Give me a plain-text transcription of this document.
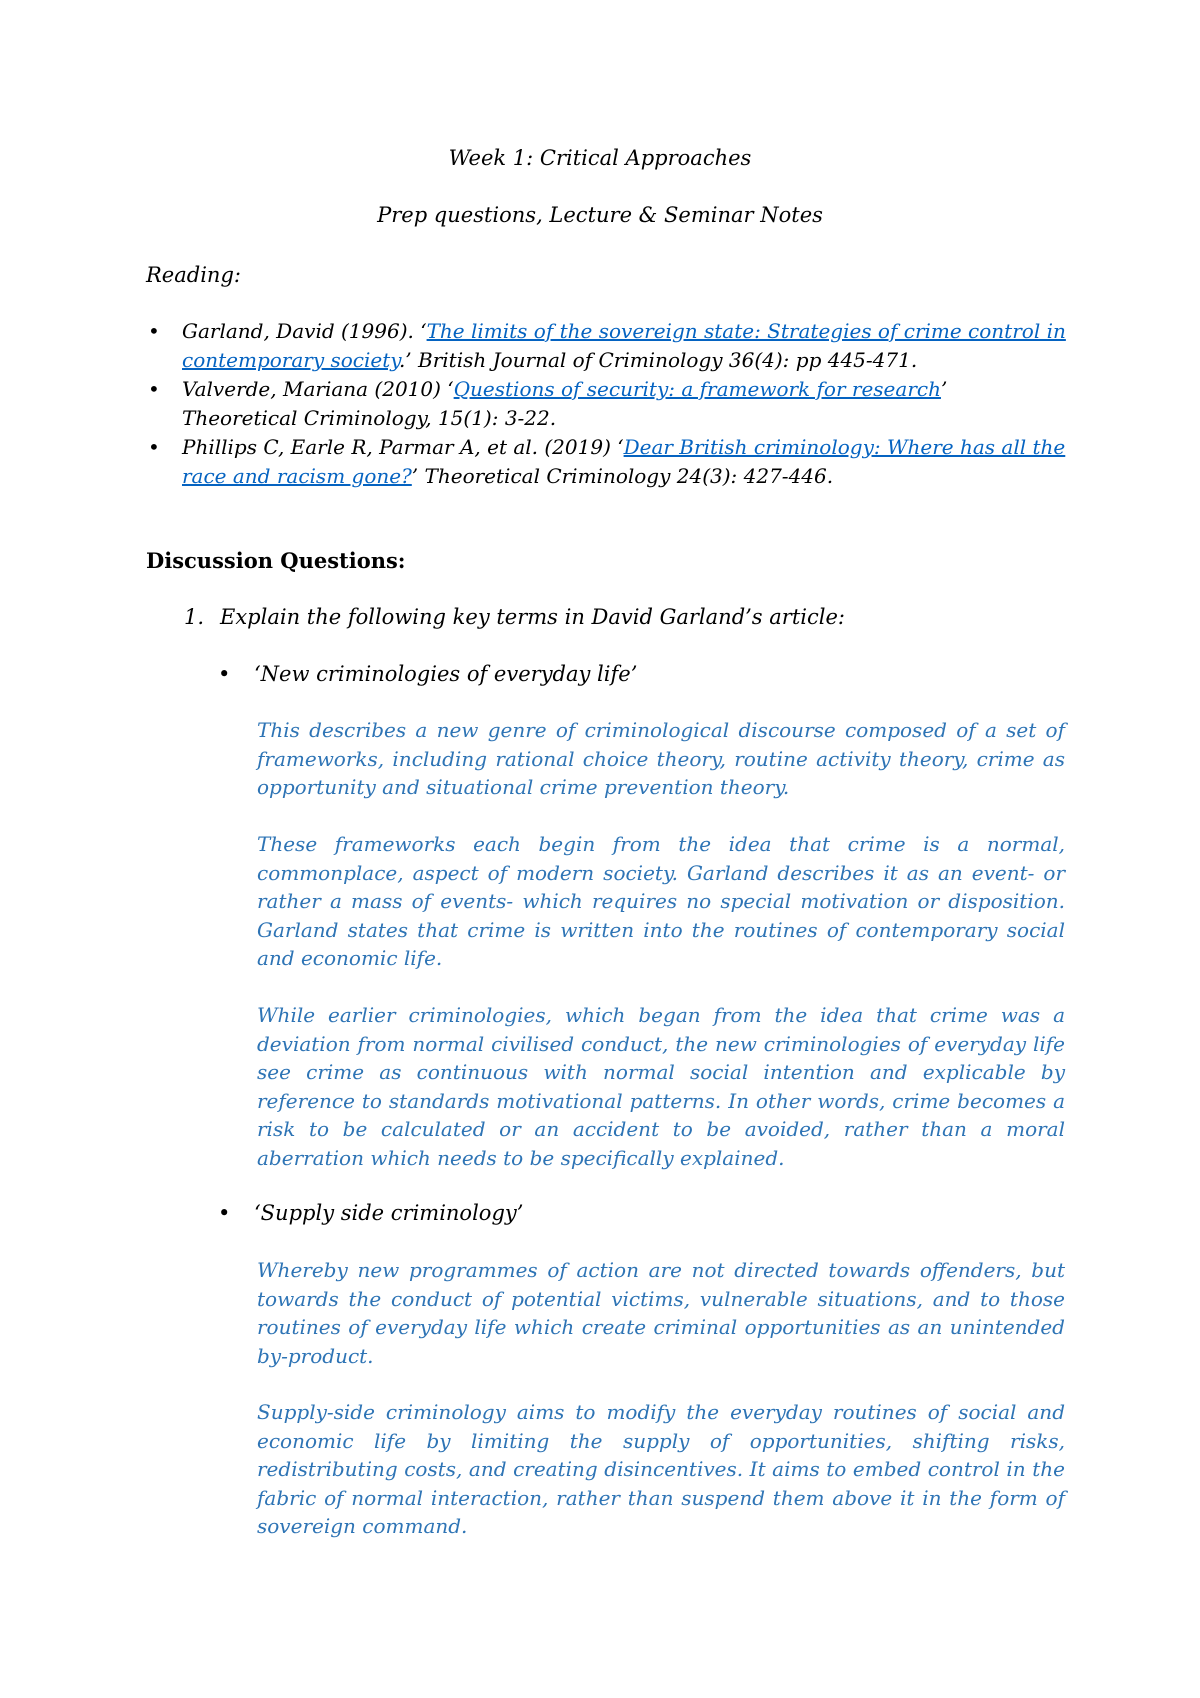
Week 1: Critical Approaches
Prep questions, Lecture & Seminar Notes
Reading:
• Garland, David (1996). ‘The limits of the sovereign state: Strategies of crime control in contemporary society.’ British Journal of Criminology 36(4): pp 445-471.
• Valverde, Mariana (2010) ‘Questions of security: a framework for research’ Theoretical Criminology, 15(1): 3-22.
• Phillips C, Earle R, Parmar A, et al. (2019) ‘Dear British criminology: Where has all the race and racism gone?’ Theoretical Criminology 24(3): 427-446.
Discussion Questions:
1. Explain the following key terms in David Garland’s article:
• ‘New criminologies of everyday life’

This describes a new genre of criminological discourse composed of a set of frameworks, including rational choice theory, routine activity theory, crime as opportunity and situational crime prevention theory.

These frameworks each begin from the idea that crime is a normal, commonplace, aspect of modern society. Garland describes it as an event- or rather a mass of events- which requires no special motivation or disposition. Garland states that crime is written into the routines of contemporary social and economic life.

While earlier criminologies, which began from the idea that crime was a deviation from normal civilised conduct, the new criminologies of everyday life see crime as continuous with normal social intention and explicable by reference to standards motivational patterns. In other words, crime becomes a risk to be calculated or an accident to be avoided, rather than a moral aberration which needs to be specifically explained.

• ‘Supply side criminology’

Whereby new programmes of action are not directed towards offenders, but towards the conduct of potential victims, vulnerable situations, and to those routines of everyday life which create criminal opportunities as an unintended by-product.

Supply-side criminology aims to modify the everyday routines of social and economic life by limiting the supply of opportunities, shifting risks, redistributing costs, and creating disincentives. It aims to embed control in the fabric of normal interaction, rather than suspend them above it in the form of sovereign command.
